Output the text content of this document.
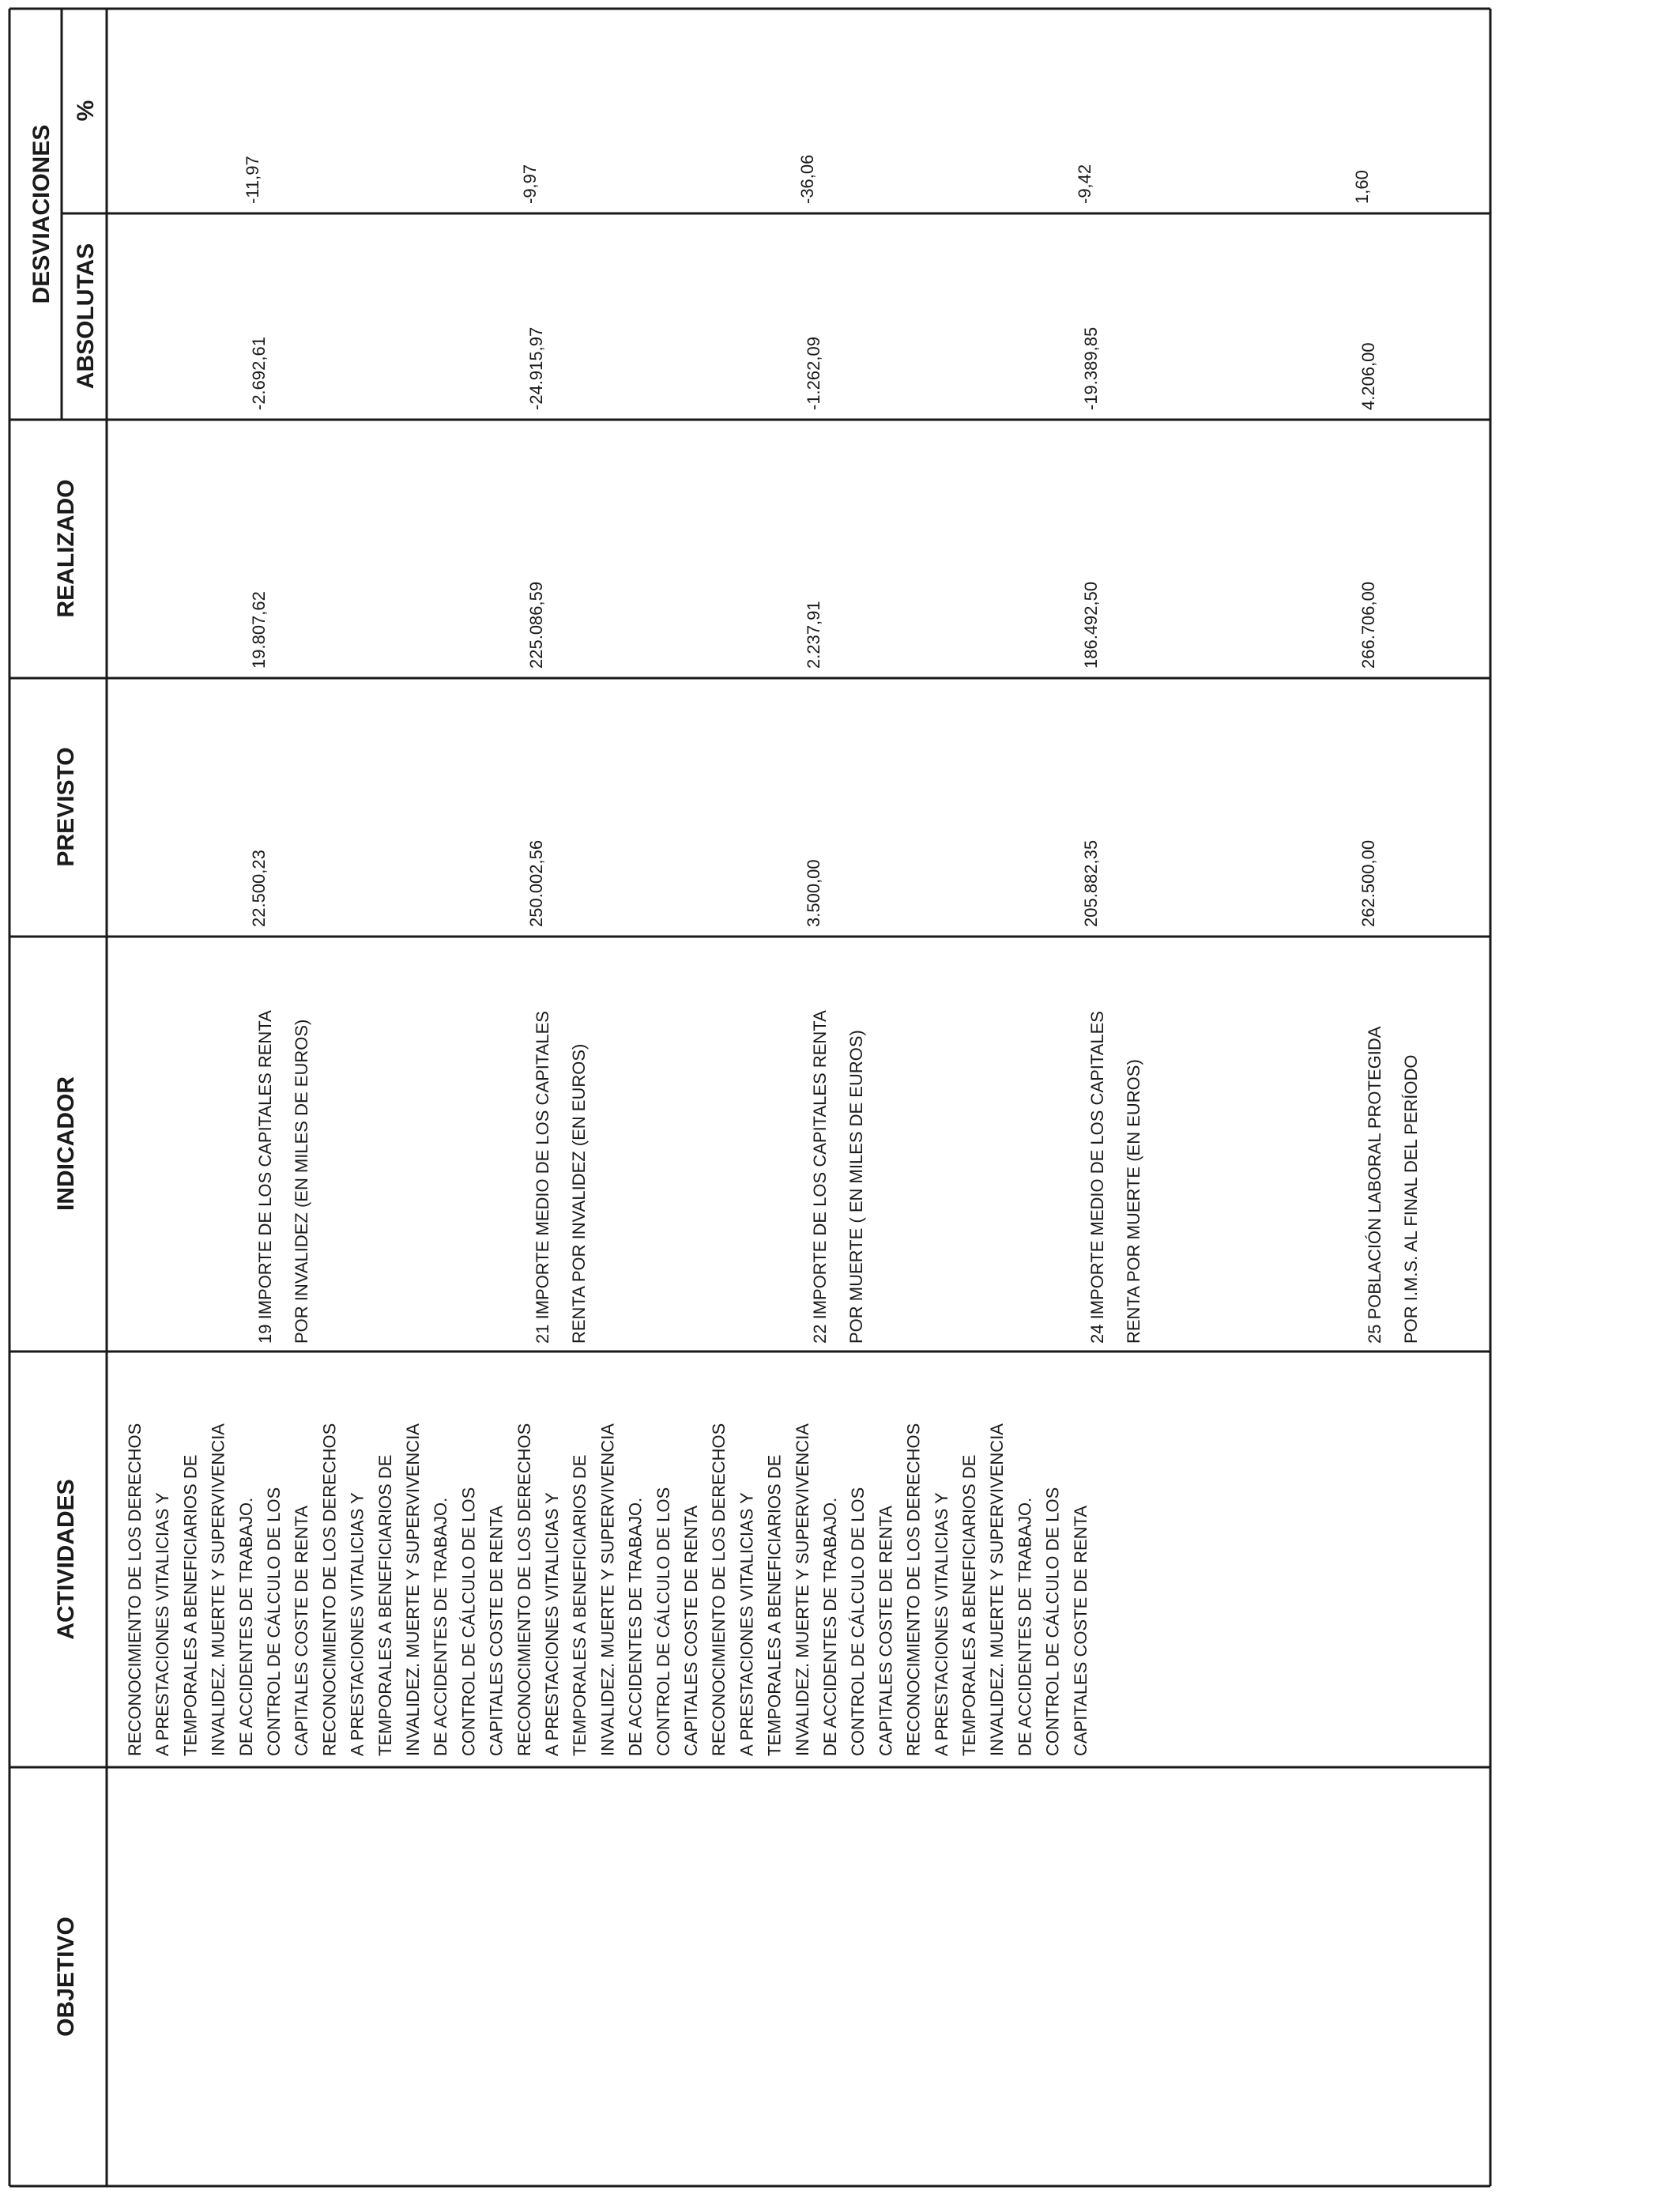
OBJETIVO
ACTIVIDADES
INDICADOR
PREVISTO
REALIZADO
DESVIACIONES
ABSOLUTAS
%
RECONOCIMIENTO DE LOS DERECHOS A PRESTACIONES VITALICIAS Y TEMPORALES A BENEFICIARIOS DE INVALIDEZ. MUERTE Y SUPERVIVENCIA DE ACCIDENTES DE TRABAJO. CONTROL DE CÁLCULO DE LOS CAPITALES COSTE DE RENTA RECONOCIMIENTO DE LOS DERECHOS A PRESTACIONES VITALICIAS Y TEMPORALES A BENEFICIARIOS DE INVALIDEZ. MUERTE Y SUPERVIVENCIA DE ACCIDENTES DE TRABAJO. CONTROL DE CÁLCULO DE LOS CAPITALES COSTE DE RENTA RECONOCIMIENTO DE LOS DERECHOS A PRESTACIONES VITALICIAS Y TEMPORALES A BENEFICIARIOS DE INVALIDEZ. MUERTE Y SUPERVIVENCIA DE ACCIDENTES DE TRABAJO. CONTROL DE CÁLCULO DE LOS CAPITALES COSTE DE RENTA RECONOCIMIENTO DE LOS DERECHOS A PRESTACIONES VITALICIAS Y TEMPORALES A BENEFICIARIOS DE INVALIDEZ. MUERTE Y SUPERVIVENCIA DE ACCIDENTES DE TRABAJO. CONTROL DE CÁLCULO DE LOS CAPITALES COSTE DE RENTA RECONOCIMIENTO DE LOS DERECHOS A PRESTACIONES VITALICIAS Y TEMPORALES A BENEFICIARIOS DE INVALIDEZ. MUERTE Y SUPERVIVENCIA DE ACCIDENTES DE TRABAJO. CONTROL DE CÁLCULO DE LOS CAPITALES COSTE DE RENTA
19 IMPORTE DE LOS CAPITALES RENTA POR INVALIDEZ (EN MILES DE EUROS)
22.500,23
19.807,62
-2.692,61
-11,97
21 IMPORTE MEDIO DE LOS CAPITALES RENTA POR INVALIDEZ (EN EUROS)
250.002,56
225.086,59
-24.915,97
-9,97
22 IMPORTE DE LOS CAPITALES RENTA POR MUERTE ( EN MILES DE EUROS)
3.500,00
2.237,91
-1.262,09
-36,06
24 IMPORTE MEDIO DE LOS CAPITALES RENTA POR MUERTE (EN EUROS)
205.882,35
186.492,50
-19.389,85
-9,42
25 POBLACIÓN LABORAL PROTEGIDA POR I.M.S. AL FINAL DEL PERÍODO
262.500,00
266.706,00
4.206,00
1,60
